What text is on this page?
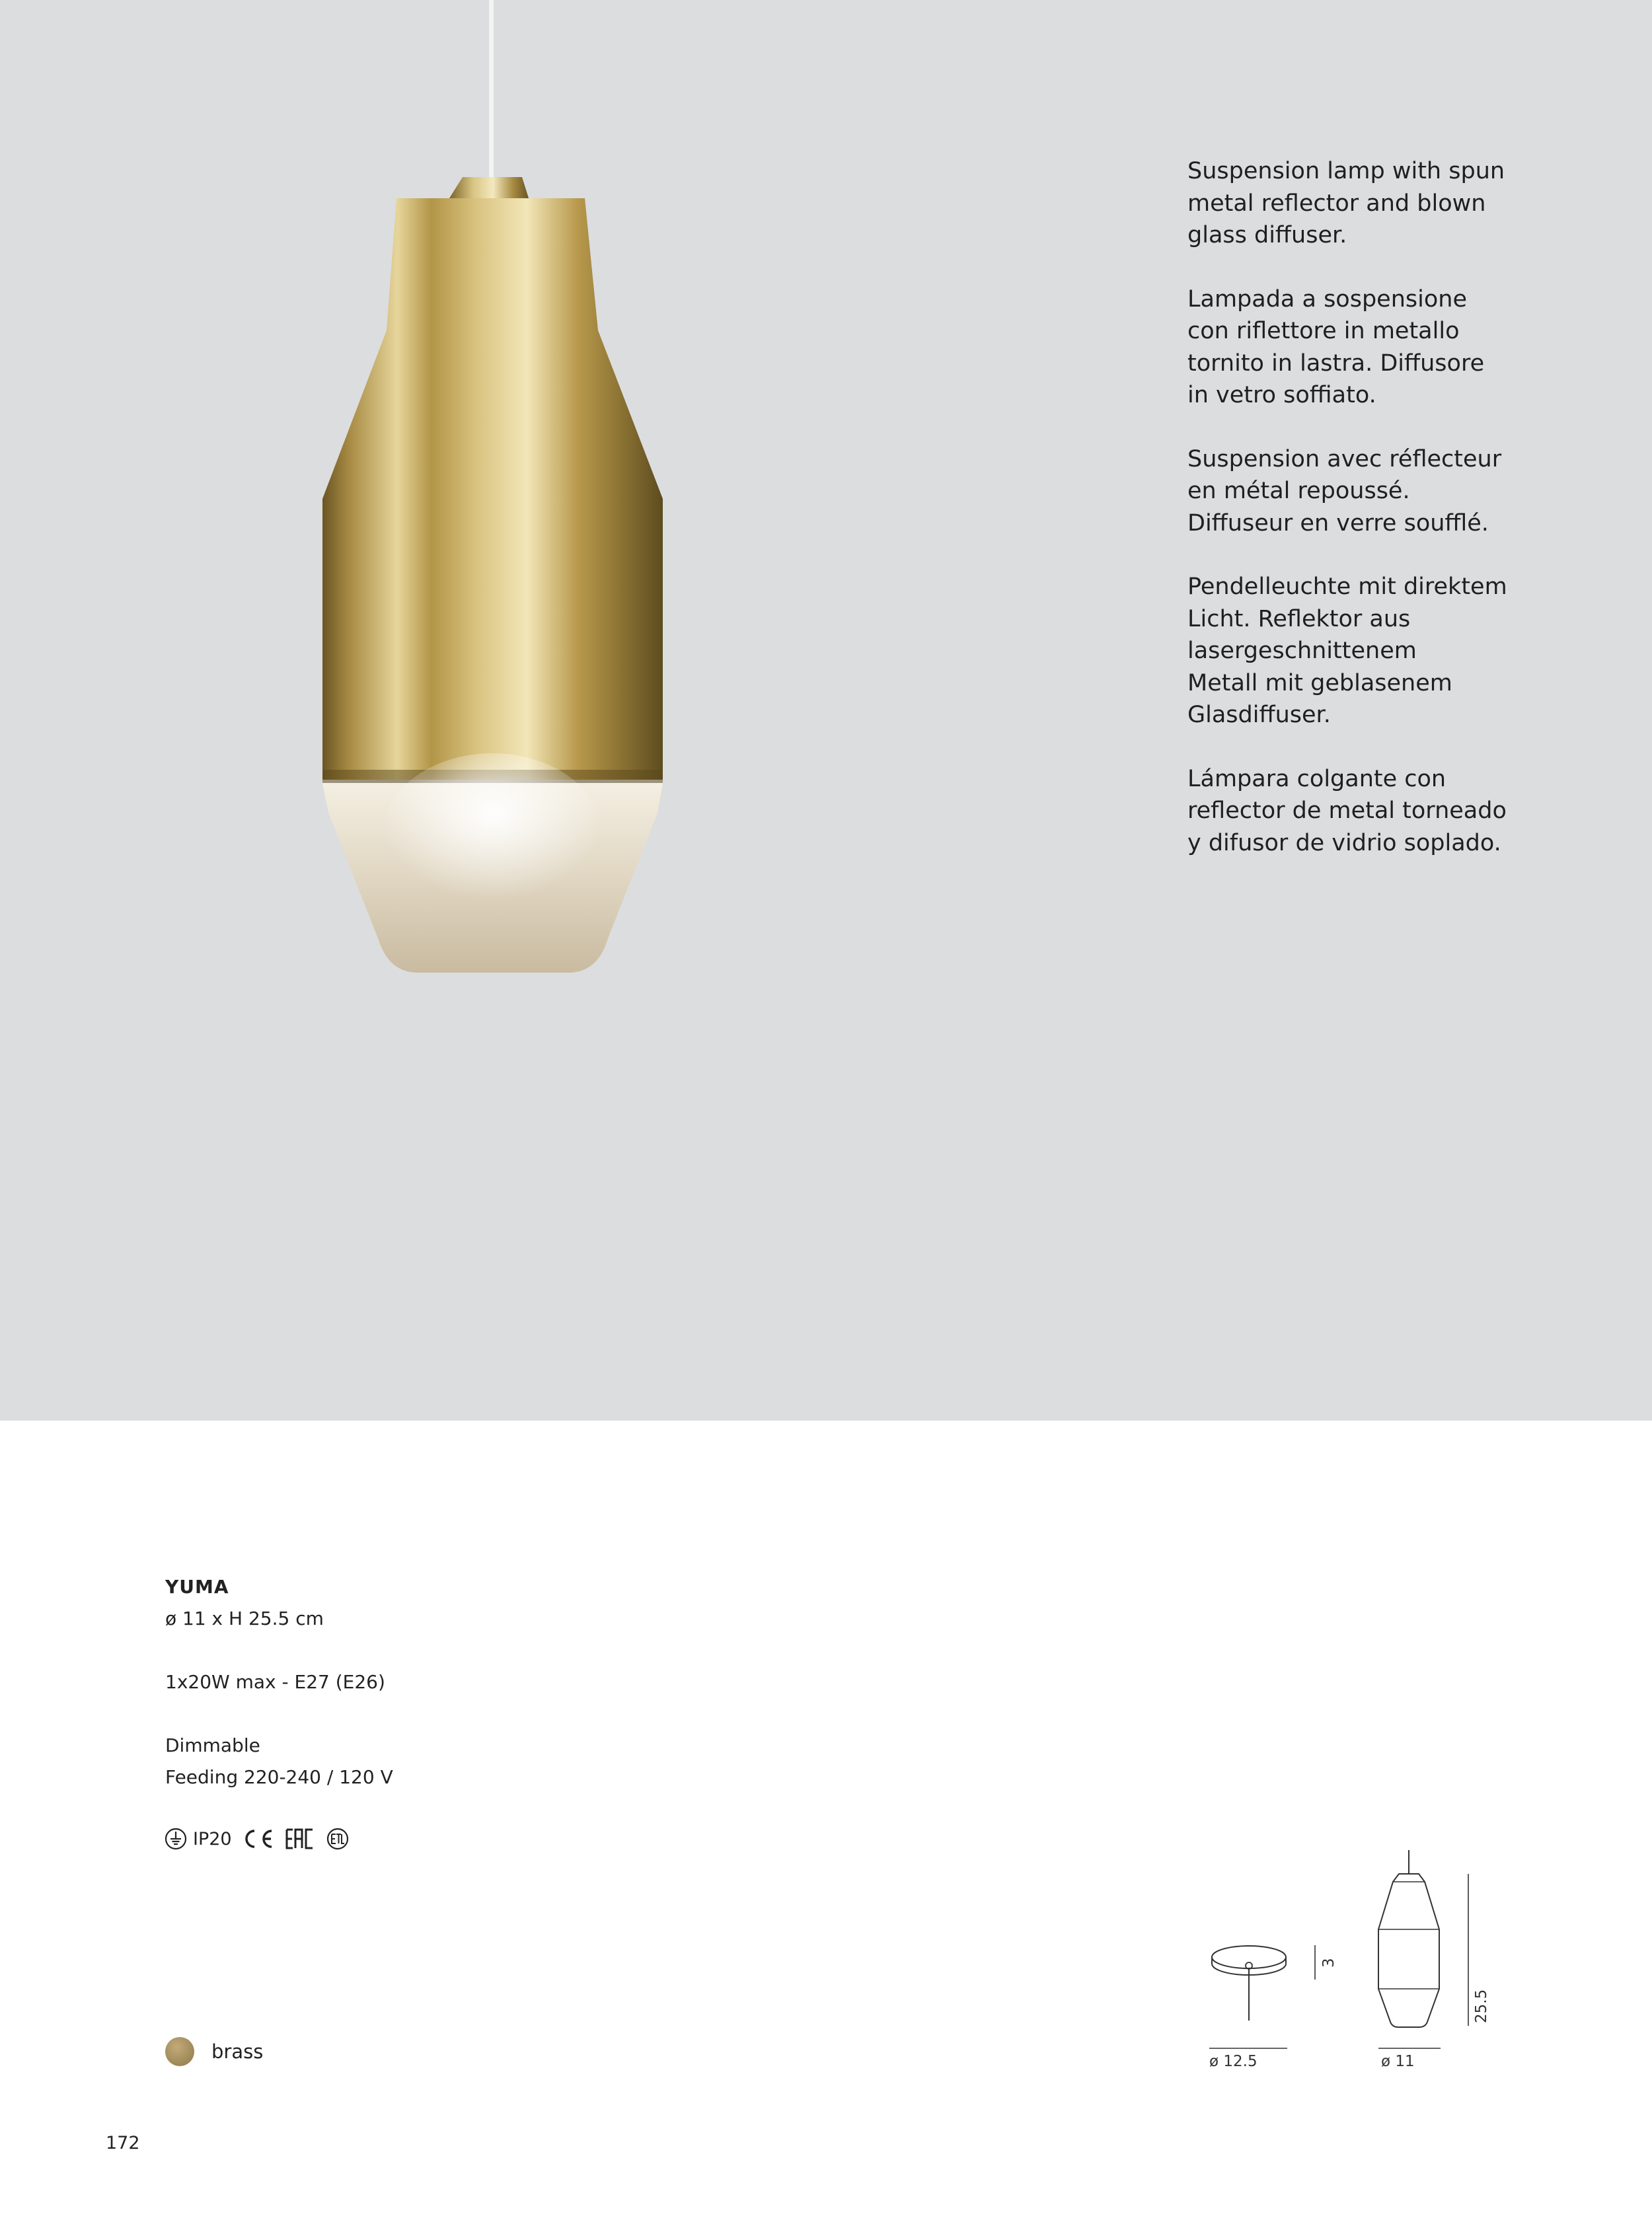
Suspension lamp with spun
metal reflector and blown
glass diffuser.

Lampada a sospensione
con riflettore in metallo
tornito in lastra. Diffusore
in vetro soffiato.

Suspension avec réflecteur
en métal repoussé.
Diffuseur en verre soufflé.

Pendelleuchte mit direktem
Licht. Reflektor aus
lasergeschnittenem
Metall mit geblasenem
Glasdiffuser.

Lámpara colgante con
reflector de metal torneado
y difusor de vidrio soplado.

YUMA

ø 11 x H 25.5 cm

1x20W max - E27 (E26)

Dimmable

Feeding 220-240 / 120 V

IP20
ø 12.5
3
ø 11
25.5
brass
172
